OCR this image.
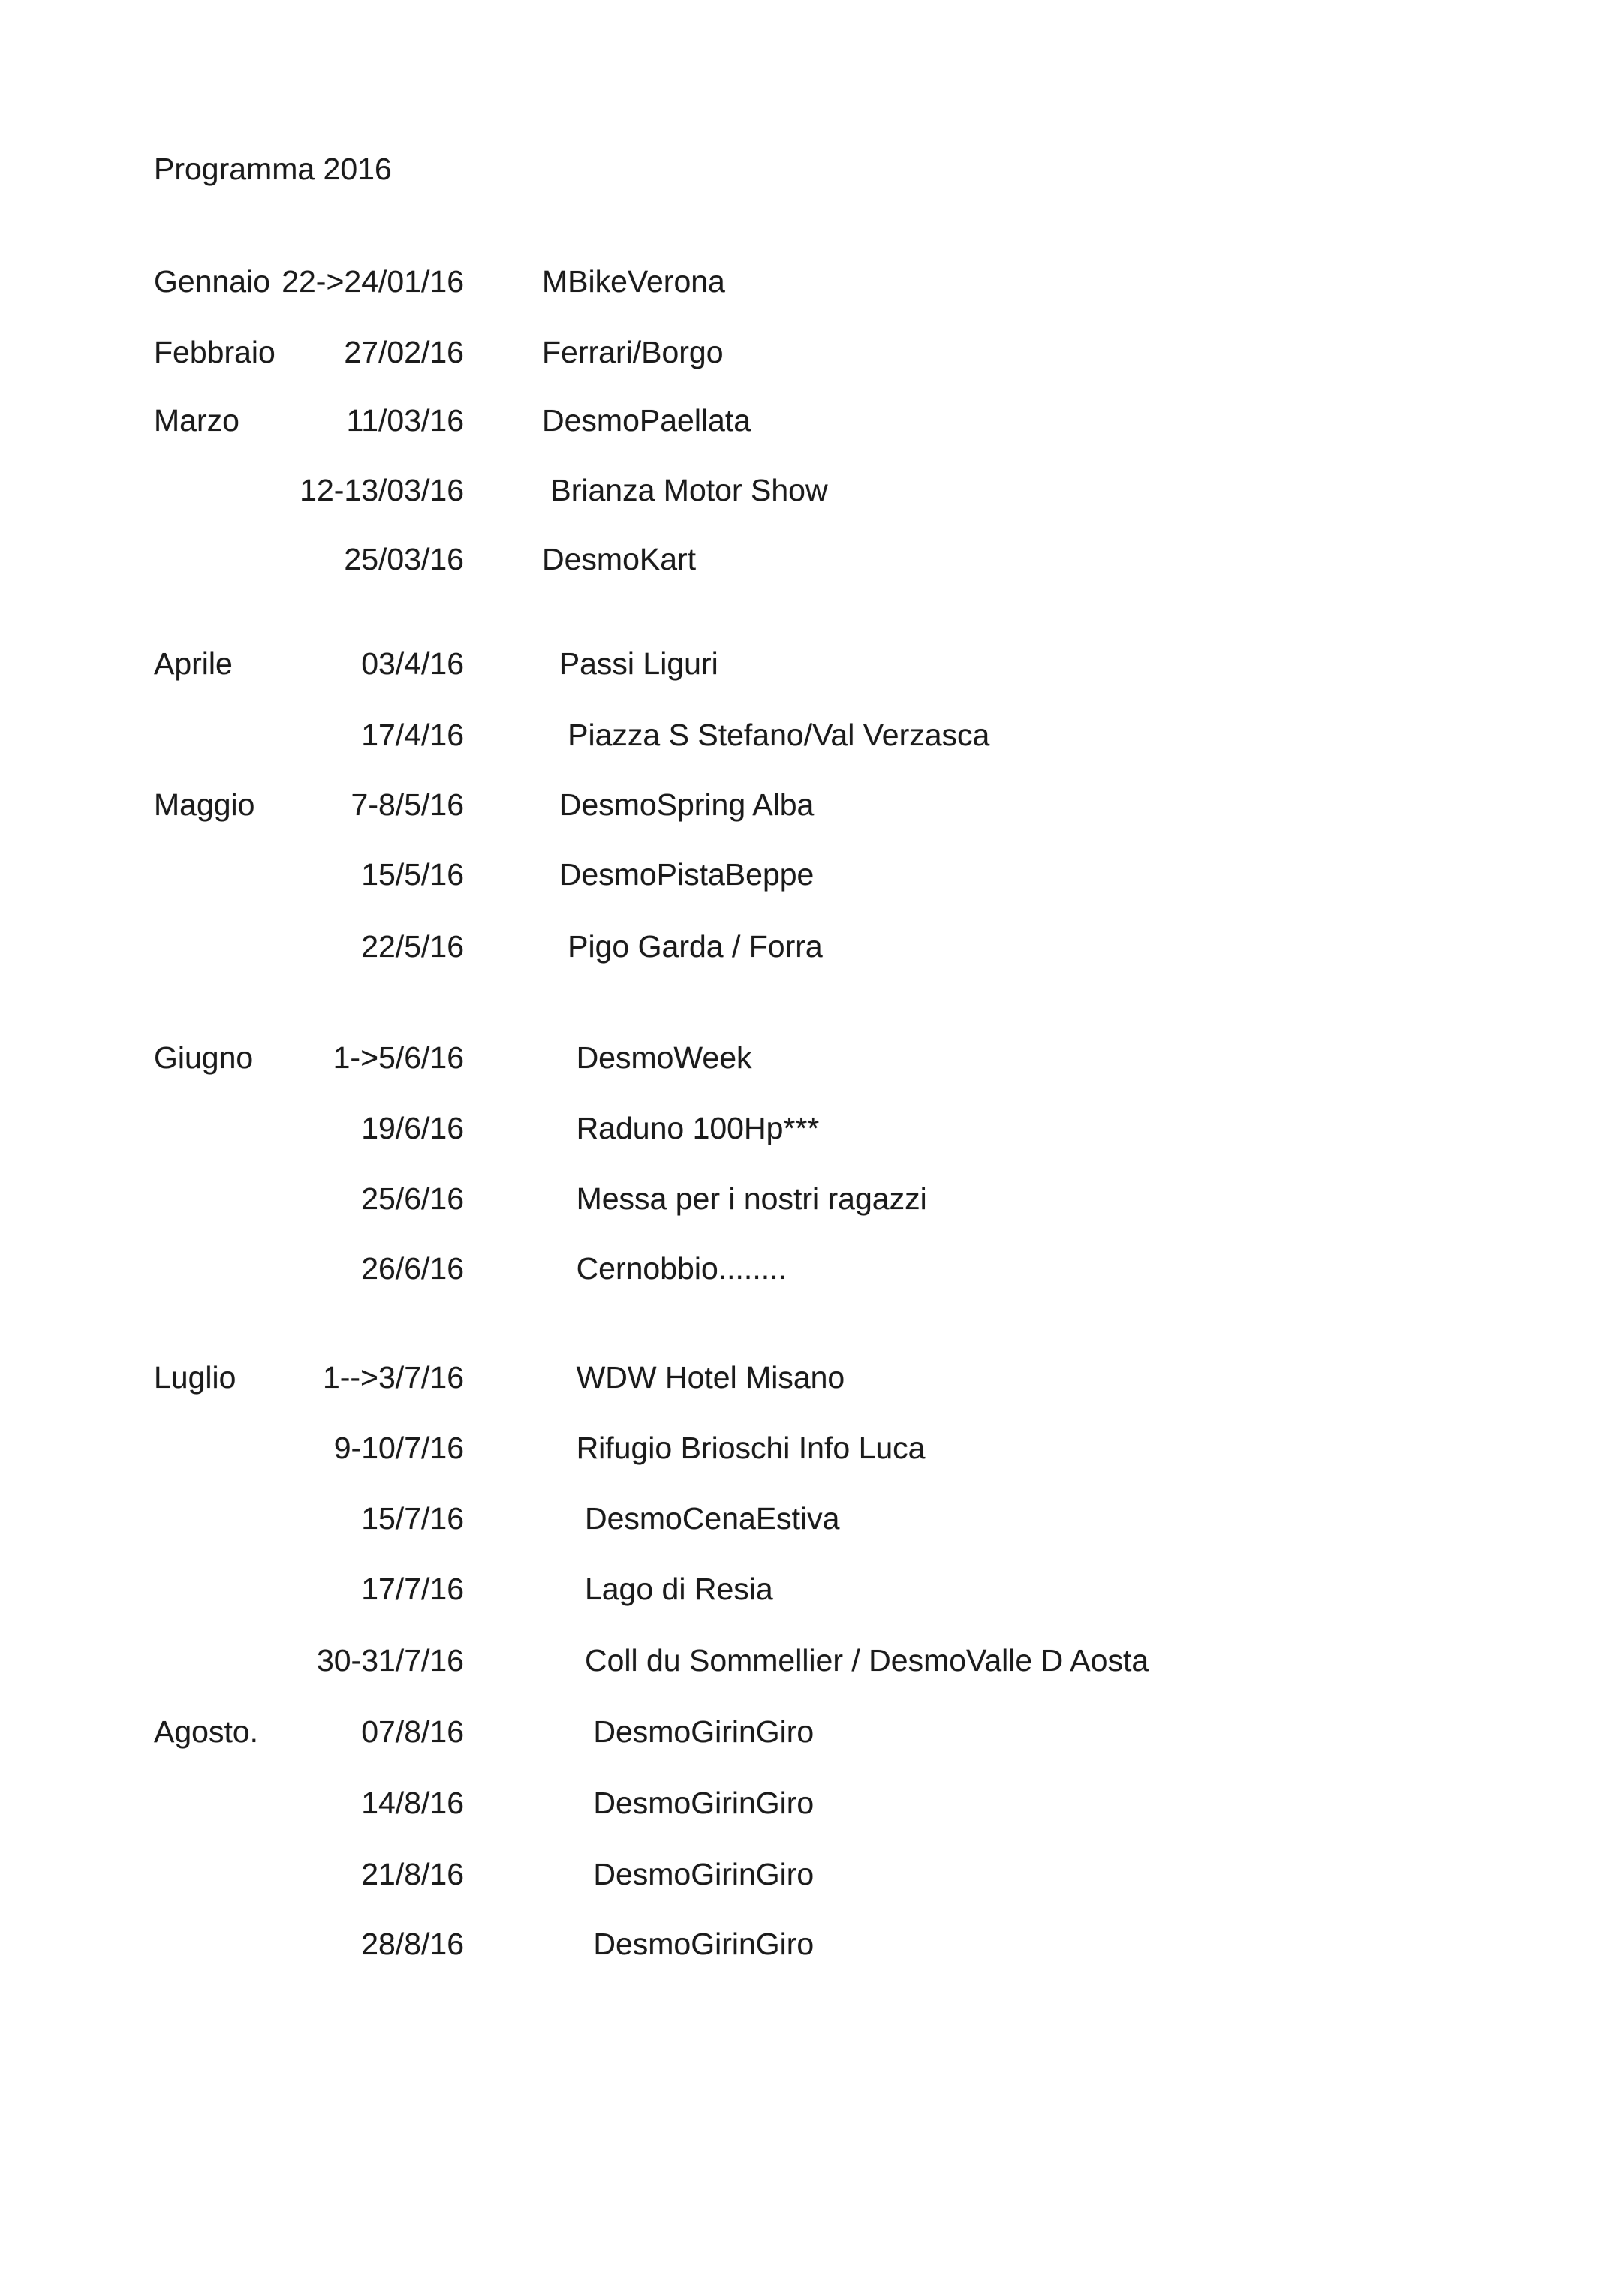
Programma 2016
Gennaio 22->24/01/16	MBikeVerona
Febbraio	27/02/16	Ferrari/Borgo
Marzo	11/03/16	DesmoPaellata
12-13/03/16	Brianza Motor Show
25/03/16	DesmoKart
Aprile	03/4/16	Passi Liguri
17/4/16	Piazza S Stefano/Val Verzasca
Maggio	7-8/5/16	DesmoSpring Alba
15/5/16	DesmoPistaBeppe
22/5/16	Pigo Garda / Forra
Giugno	1->5/6/16	DesmoWeek
19/6/16	Raduno 100Hp***
25/6/16	Messa per i nostri ragazzi
26/6/16	Cernobbio........
Luglio	1-->3/7/16	WDW Hotel Misano
9-10/7/16	Rifugio Brioschi Info Luca
15/7/16	DesmoCenaEstiva
17/7/16	Lago di Resia
30-31/7/16	Coll du Sommellier / DesmoValle D Aosta
Agosto.	07/8/16	DesmoGirinGiro
14/8/16	DesmoGirinGiro
21/8/16	DesmoGirinGiro
28/8/16	DesmoGirinGiro
